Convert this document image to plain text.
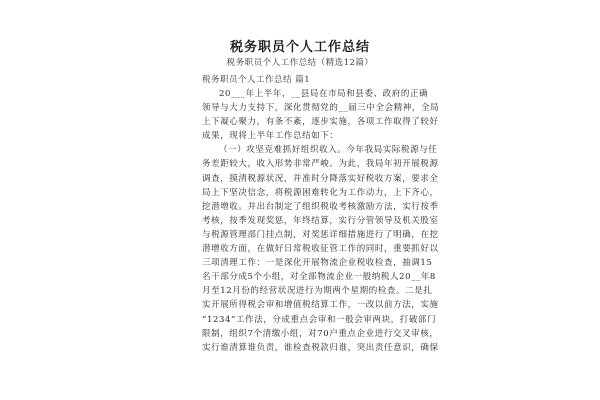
税务职员个人工作总结
税务职员个人工作总结（精选12篇）
税务职员个人工作总结 篇1
20___年上半年，__县局在市局和县委、政府的正确
领导与大力支持下，深化贯彻党的__届三中全会精神，全局
上下凝心聚力，有条不紊，逐步实施，各项工作取得了较好
成果，现将上半年工作总结如下：
（一）攻坚克难抓好组织收入。今年我局实际税源与任
务差距较大，收入形势非常严峻。为此，我局年初开展税源
调查，摸清税源状况，并准时分降落实好税收方案，要求全
局上下坚决信念，将税源困难转化为工作动力，上下齐心，
挖潜增收。并出台制定了组织税收考核激励方法，实行按季
考核，按季发现奖惩，年终结算，实行分管领导及机关股室
与税源管理部门挂点制，对奖惩详细措施进行了明确，在挖
潜增收方面，在做好日常税收征管工作的同时，重要抓好以
三项清理工作：一是深化开展物流企业税收检查，抽调15
名干部分成5个小组，对全部物流企业一般纳税人20__年8
月至12月份的经营状况进行为期两个星期的检查。二是扎
实开展所得税会审和增值税结算工作，一改以前方法，实施
“1234”工作法，分成重点会审和一般会审两块，打破部门
限制，组织7个清缴小组，对70户重点企业进行交叉审核，
实行谁清算谁负责，谁检查税款归谁，突出责任意识，确保
